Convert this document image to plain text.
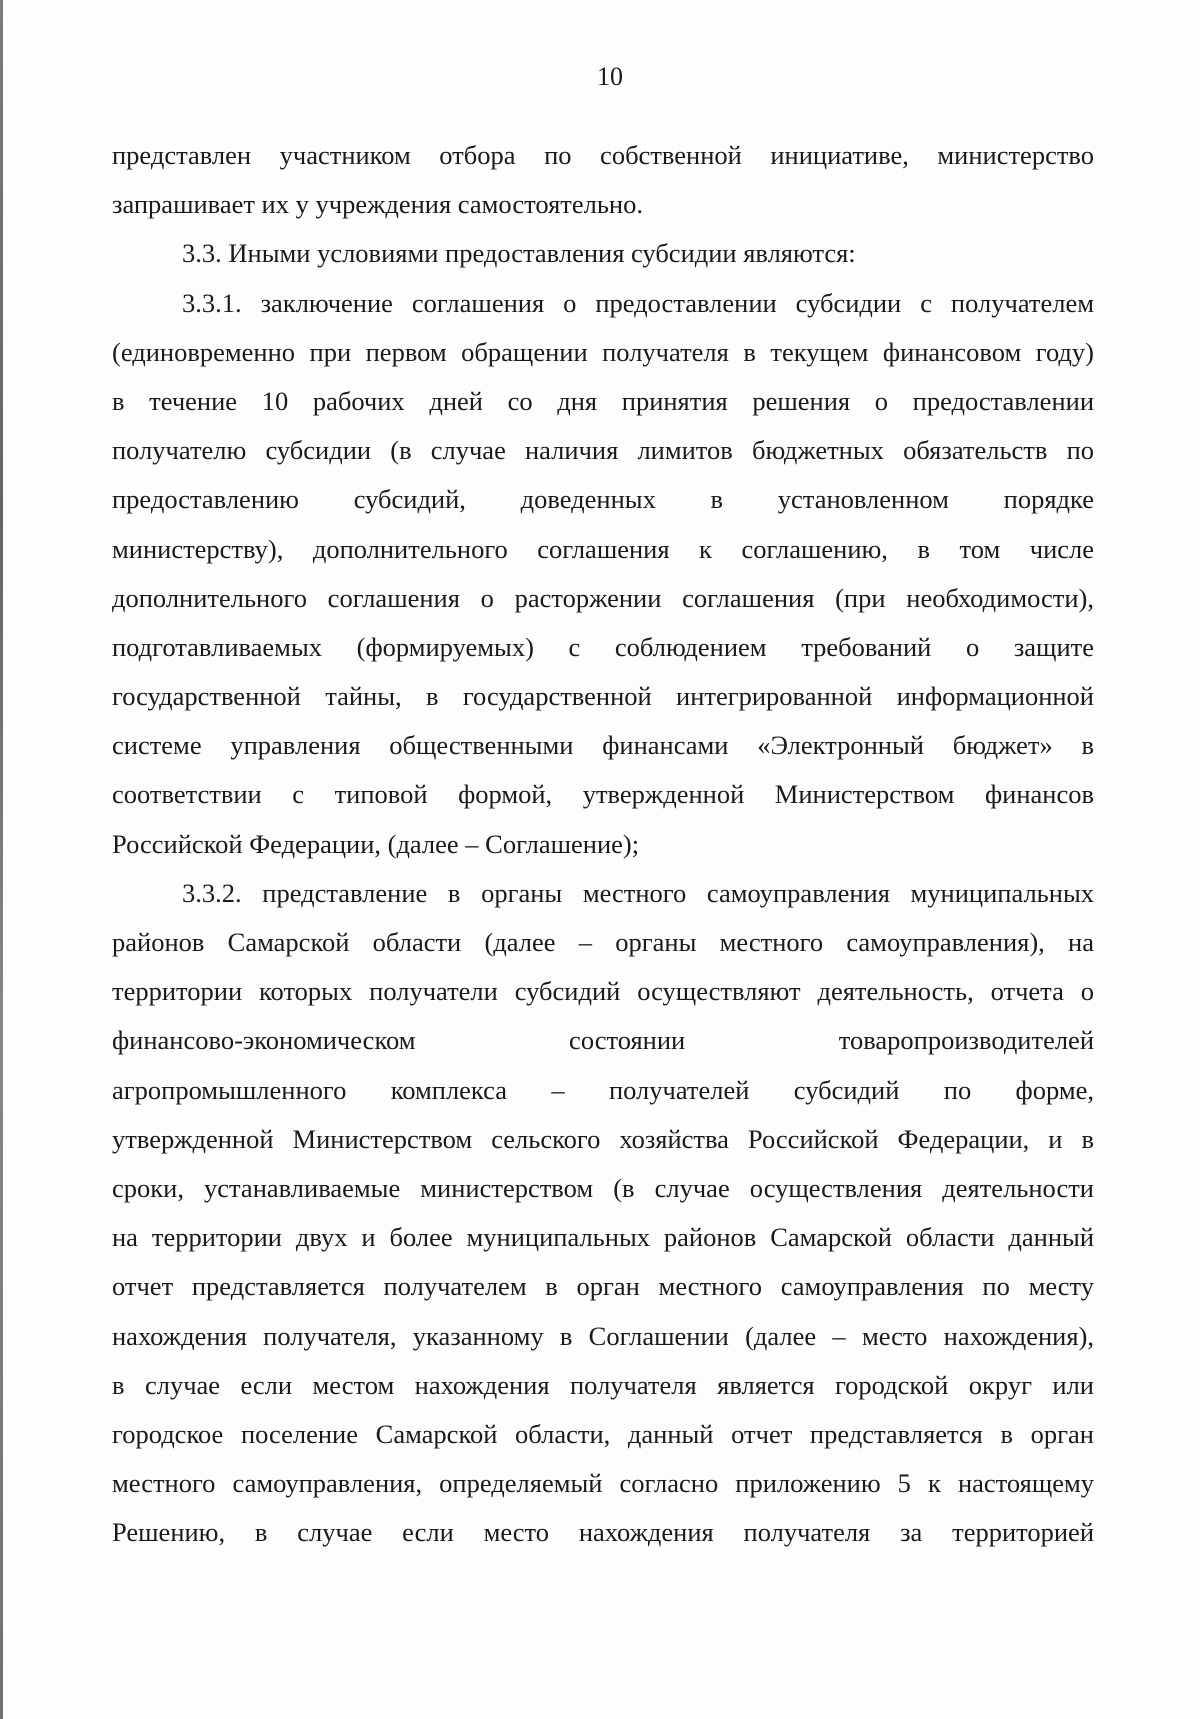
10
представлен участником отбора по собственной инициативе, министерство
запрашивает их у учреждения самостоятельно.
3.3. Иными условиями предоставления субсидии являются:
3.3.1. заключение соглашения о предоставлении субсидии с получателем
(единовременно при первом обращении получателя в текущем финансовом году)
в течение 10 рабочих дней со дня принятия решения о предоставлении
получателю субсидии (в случае наличия лимитов бюджетных обязательств по
предоставлению субсидий, доведенных в установленном порядке
министерству), дополнительного соглашения к соглашению, в том числе
дополнительного соглашения о расторжении соглашения (при необходимости),
подготавливаемых (формируемых) с соблюдением требований о защите
государственной тайны, в государственной интегрированной информационной
системе управления общественными финансами «Электронный бюджет» в
соответствии с типовой формой, утвержденной Министерством финансов
Российской Федерации, (далее – Соглашение);
3.3.2. представление в органы местного самоуправления муниципальных
районов Самарской области (далее – органы местного самоуправления), на
территории которых получатели субсидий осуществляют деятельность, отчета о
финансово-экономическом состоянии товаропроизводителей
агропромышленного комплекса – получателей субсидий по форме,
утвержденной Министерством сельского хозяйства Российской Федерации, и в
сроки, устанавливаемые министерством (в случае осуществления деятельности
на территории двух и более муниципальных районов Самарской области данный
отчет представляется получателем в орган местного самоуправления по месту
нахождения получателя, указанному в Соглашении (далее – место нахождения),
в случае если местом нахождения получателя является городской округ или
городское поселение Самарской области, данный отчет представляется в орган
местного самоуправления, определяемый согласно приложению 5 к настоящему
Решению, в случае если место нахождения получателя за территорией
